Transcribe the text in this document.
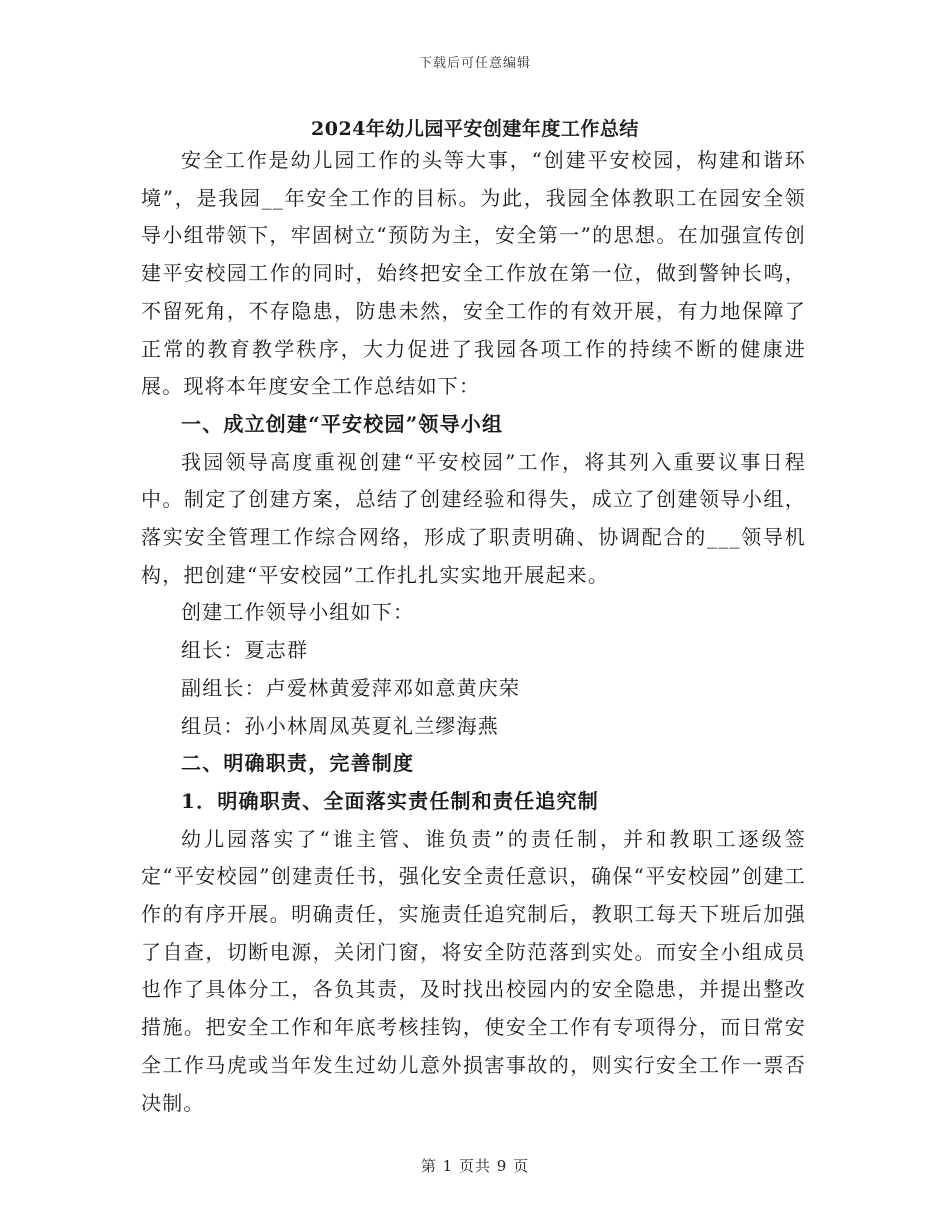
下载后可任意编辑
2024年幼儿园平安创建年度工作总结

安全工作是幼儿园工作的头等大事，“创建平安校园，构建和谐环境”，是我园__年安全工作的目标。为此，我园全体教职工在园安全领导小组带领下，牢固树立“预防为主，安全第一”的思想。在加强宣传创建平安校园工作的同时，始终把安全工作放在第一位，做到警钟长鸣，不留死角，不存隐患，防患未然，安全工作的有效开展，有力地保障了正常的教育教学秩序，大力促进了我园各项工作的持续不断的健康进展。现将本年度安全工作总结如下：

一、成立创建“平安校园”领导小组

我园领导高度重视创建“平安校园”工作，将其列入重要议事日程中。制定了创建方案，总结了创建经验和得失，成立了创建领导小组，落实安全管理工作综合网络，形成了职责明确、协调配合的___领导机构，把创建“平安校园”工作扎扎实实地开展起来。

创建工作领导小组如下：

组长：夏志群

副组长：卢爱林黄爱萍邓如意黄庆荣

组员：孙小林周凤英夏礼兰缪海燕

二、明确职责，完善制度

1．明确职责、全面落实责任制和责任追究制

幼儿园落实了“谁主管、谁负责”的责任制，并和教职工逐级签定“平安校园”创建责任书，强化安全责任意识，确保“平安校园”创建工作的有序开展。明确责任，实施责任追究制后，教职工每天下班后加强了自查，切断电源，关闭门窗，将安全防范落到实处。而安全小组成员也作了具体分工，各负其责，及时找出校园内的安全隐患，并提出整改措施。把安全工作和年底考核挂钩，使安全工作有专项得分，而日常安全工作马虎或当年发生过幼儿意外损害事故的，则实行安全工作一票否决制。

第 1 页共 9 页
